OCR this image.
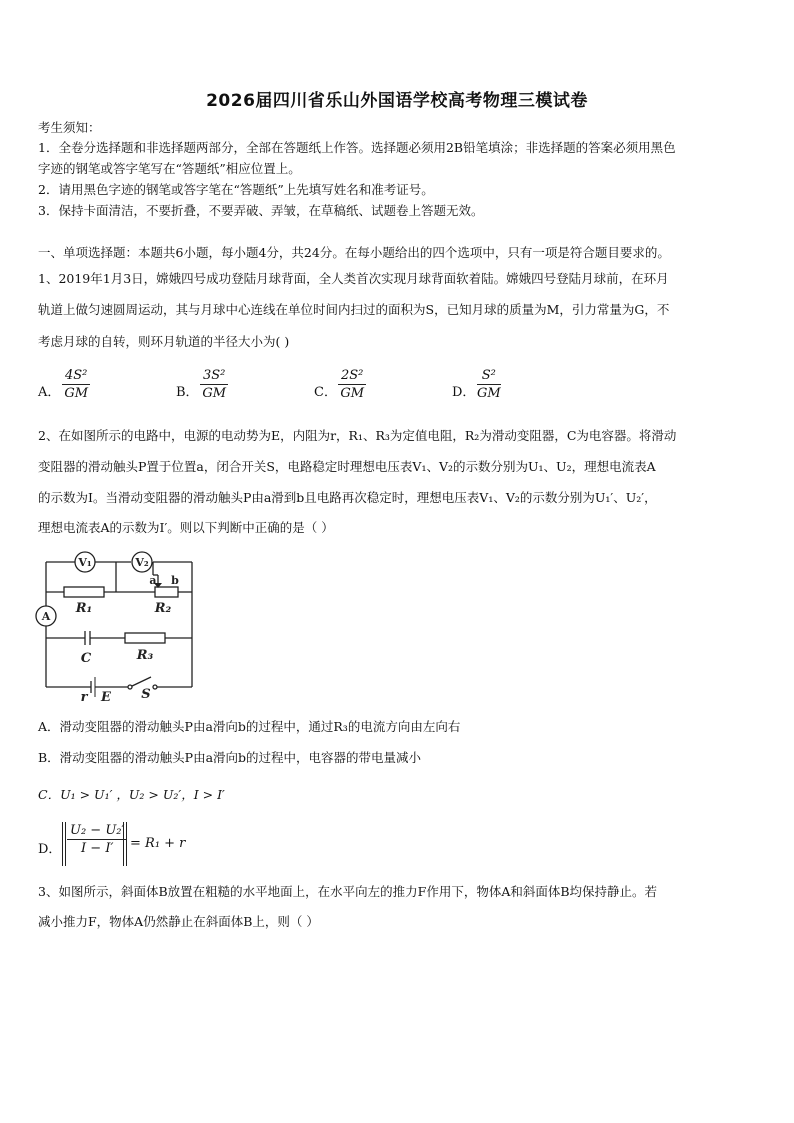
2026届四川省乐山外国语学校高考物理三模试卷
考生须知：
1．全卷分选择题和非选择题两部分，全部在答题纸上作答。选择题必须用2B铅笔填涂；非选择题的答案必须用黑色
字迹的钢笔或答字笔写在“答题纸”相应位置上。
2．请用黑色字迹的钢笔或答字笔在“答题纸”上先填写姓名和准考证号。
3．保持卡面清洁，不要折叠，不要弄破、弄皱，在草稿纸、试题卷上答题无效。
一、单项选择题：本题共6小题，每小题4分，共24分。在每小题给出的四个选项中，只有一项是符合题目要求的。
1、2019年1月3日，嫦娥四号成功登陆月球背面，全人类首次实现月球背面软着陆。嫦娥四号登陆月球前，在环月
轨道上做匀速圆周运动，其与月球中心连线在单位时间内扫过的面积为S，已知月球的质量为M，引力常量为G，不
考虑月球的自转，则环月轨道的半径大小为( )
A． $\frac{\text{4S²}}{GM}$	B． $\frac{\text{3S²}}{GM}$	C． $\frac{\text{2S²}}{GM}$	D． $\frac{\text{S²}}{GM}$
2、在如图所示的电路中，电源的电动势为E，内阻为r，R₁、R₃为定值电阻，R₂为滑动变阻器，C为电容器。将滑动
变阻器的滑动触头P置于位置a，闭合开关S，电路稳定时理想电压表V₁、V₂的示数分别为U₁、U₂，理想电流表A
的示数为I。当滑动变阻器的滑动触头P由a滑到b且电路再次稳定时，理想电压表V₁、V₂的示数分别为U₁′、U₂′，
理想电流表A的示数为I′。则以下判断中正确的是（ ）
V₁	V₂
A
a b
R₁	R₂
C	R₃
r E S
A．滑动变阻器的滑动触头P由a滑向b的过程中，通过R₃的电流方向由左向右
B．滑动变阻器的滑动触头P由a滑向b的过程中，电容器的带电量减小
C．U₁ > U₁′ ，U₂ > U₂′，I > I′
D． $\frac{\text{U₂ − U₂′}}{I - I'} = R_1 + r$
3、如图所示，斜面体B放置在粗糙的水平地面上，在水平向左的推力F作用下，物体A和斜面体B均保持静止。若
减小推力F，物体A仍然静止在斜面体B上，则（ ）
